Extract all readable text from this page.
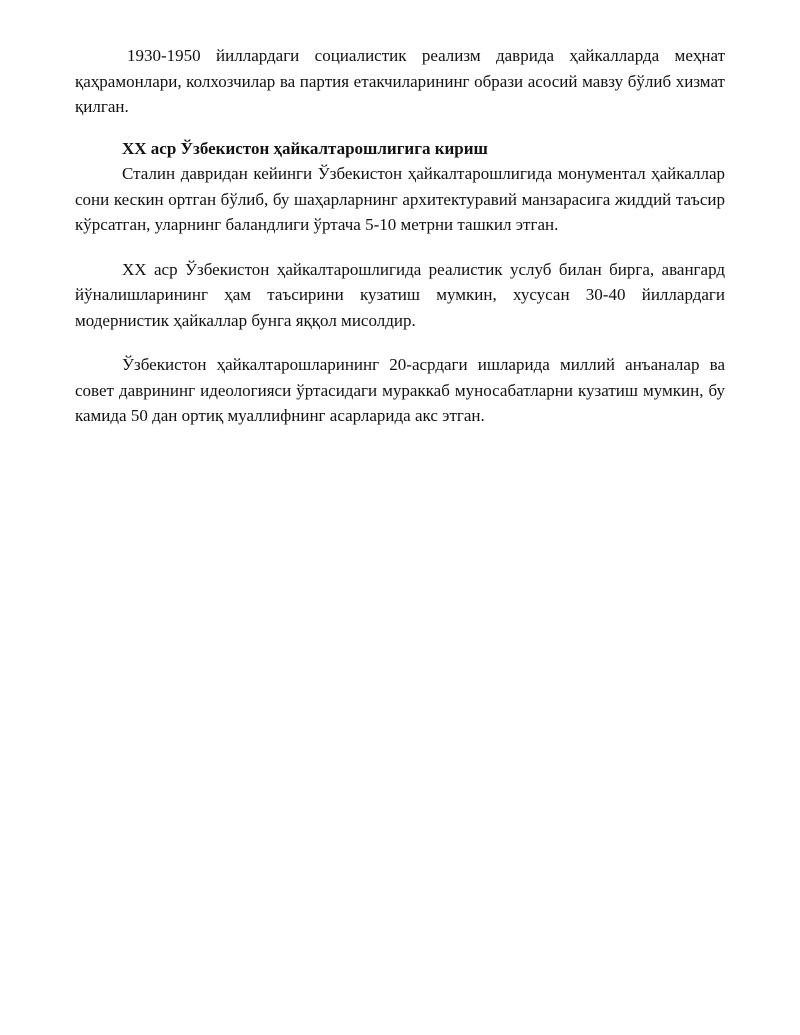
1930-1950 йиллардаги социалистик реализм даврида ҳайкалларда меҳнат қаҳрамонлари, колхозчилар ва партия етакчиларининг образи асосий мавзу бўлиб хизмат қилган.

XX аср Ўзбекистон ҳайкалтарошлигига кириш

Сталин давридан кейинги Ўзбекистон ҳайкалтарошлигида монументал ҳайкаллар сони кескин ортган бўлиб, бу шаҳарларнинг архитектуравий манзарасига жиддий таъсир кўрсатган, уларнинг баландлиги ўртача 5-10 метрни ташкил этган.

XX аср Ўзбекистон ҳайкалтарошлигида реалистик услуб билан бирга, авангард йўналишларининг ҳам таъсирини кузатиш мумкин, хусусан 30-40 йиллардаги модернистик ҳайкаллар бунга яққол мисолдир.

Ўзбекистон ҳайкалтарошларининг 20-асрдаги ишларида миллий анъаналар ва совет даврининг идеологияси ўртасидаги мураккаб муносабатларни кузатиш мумкин, бу камида 50 дан ортиқ муаллифнинг асарларида акс этган.
